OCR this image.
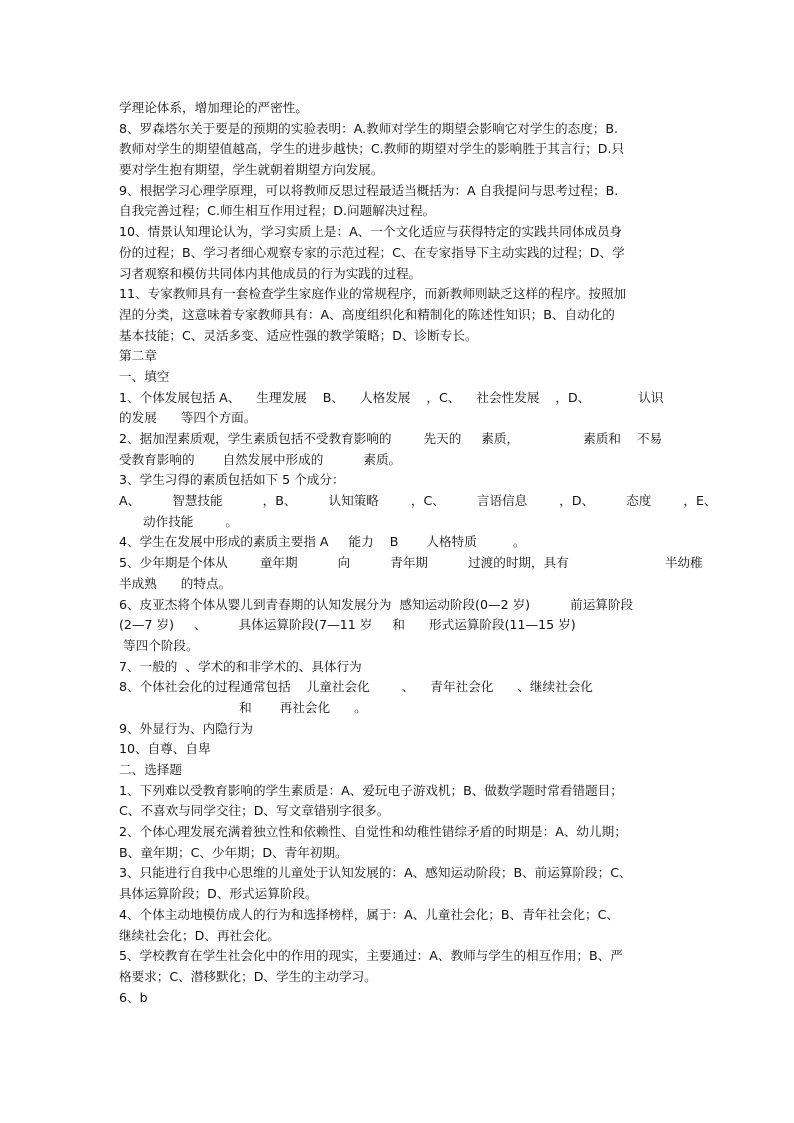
学理论体系，增加理论的严密性。
8、罗森塔尔关于要是的预期的实验表明：A.教师对学生的期望会影响它对学生的态度；B.
教师对学生的期望值越高，学生的进步越快；C.教师的期望对学生的影响胜于其言行；D.只
要对学生抱有期望，学生就朝着期望方向发展。
9、根据学习心理学原理，可以将教师反思过程最适当概括为：A 自我提问与思考过程；B.
自我完善过程；C.师生相互作用过程；D.问题解决过程。
10、情景认知理论认为，学习实质上是：A、一个文化适应与获得特定的实践共同体成员身
份的过程；B、学习者细心观察专家的示范过程；C、在专家指导下主动实践的过程；D、学
习者观察和模仿共同体内其他成员的行为实践的过程。
11、专家教师具有一套检查学生家庭作业的常规程序，而新教师则缺乏这样的程序。按照加
涅的分类，这意味着专家教师具有：A、高度组织化和精制化的陈述性知识；B、自动化的
基本技能；C、灵活多变、适应性强的教学策略；D、诊断专长。
第二章
一、填空
1、个体发展包括 A、    生理发展    B、    人格发展    ，C、    社会性发展    ，D、            认识
的发展      等四个方面。
2、据加涅素质观，学生素质包括不受教育影响的        先天的     素质，                素质和    不易
受教育影响的       自然发展中形成的          素质。
3、学生习得的素质包括如下 5 个成分：
A、        智慧技能          ，B、        认知策略        ，C、        言语信息        ，D、        态度        ，E、
动作技能        。
4、学生在发展中形成的素质主要指 A     能力    B       人格特质         。
5、少年期是个体从        童年期          向          青年期          过渡的时期，具有                        半幼稚
半成熟      的特点。
6、皮亚杰将个体从婴儿到青春期的认知发展分为  感知运动阶段(0—2 岁)          前运算阶段
(2—7 岁)     、        具体运算阶段(7—11 岁     和      形式运算阶段(11—15 岁)
等四个阶段。
7、一般的  、学术的和非学术的、具体行为
8、个体社会化的过程通常包括    儿童社会化        、    青年社会化      、继续社会化
和       再社会化      。
9、外显行为、内隐行为
10、自尊、自卑
二、选择题
1、下列难以受教育影响的学生素质是：A、爱玩电子游戏机；B、做数学题时常看错题目；
C、不喜欢与同学交往；D、写文章错别字很多。
2、个体心理发展充满着独立性和依赖性、自觉性和幼稚性错综矛盾的时期是：A、幼儿期；
B、童年期；C、少年期；D、青年初期。
3、只能进行自我中心思维的儿童处于认知发展的：A、感知运动阶段；B、前运算阶段；C、
具体运算阶段；D、形式运算阶段。
4、个体主动地模仿成人的行为和选择榜样，属于：A、儿童社会化；B、青年社会化；C、
继续社会化；D、再社会化。
5、学校教育在学生社会化中的作用的现实，主要通过：A、教师与学生的相互作用；B、严
格要求；C、潜移默化；D、学生的主动学习。
6、b
